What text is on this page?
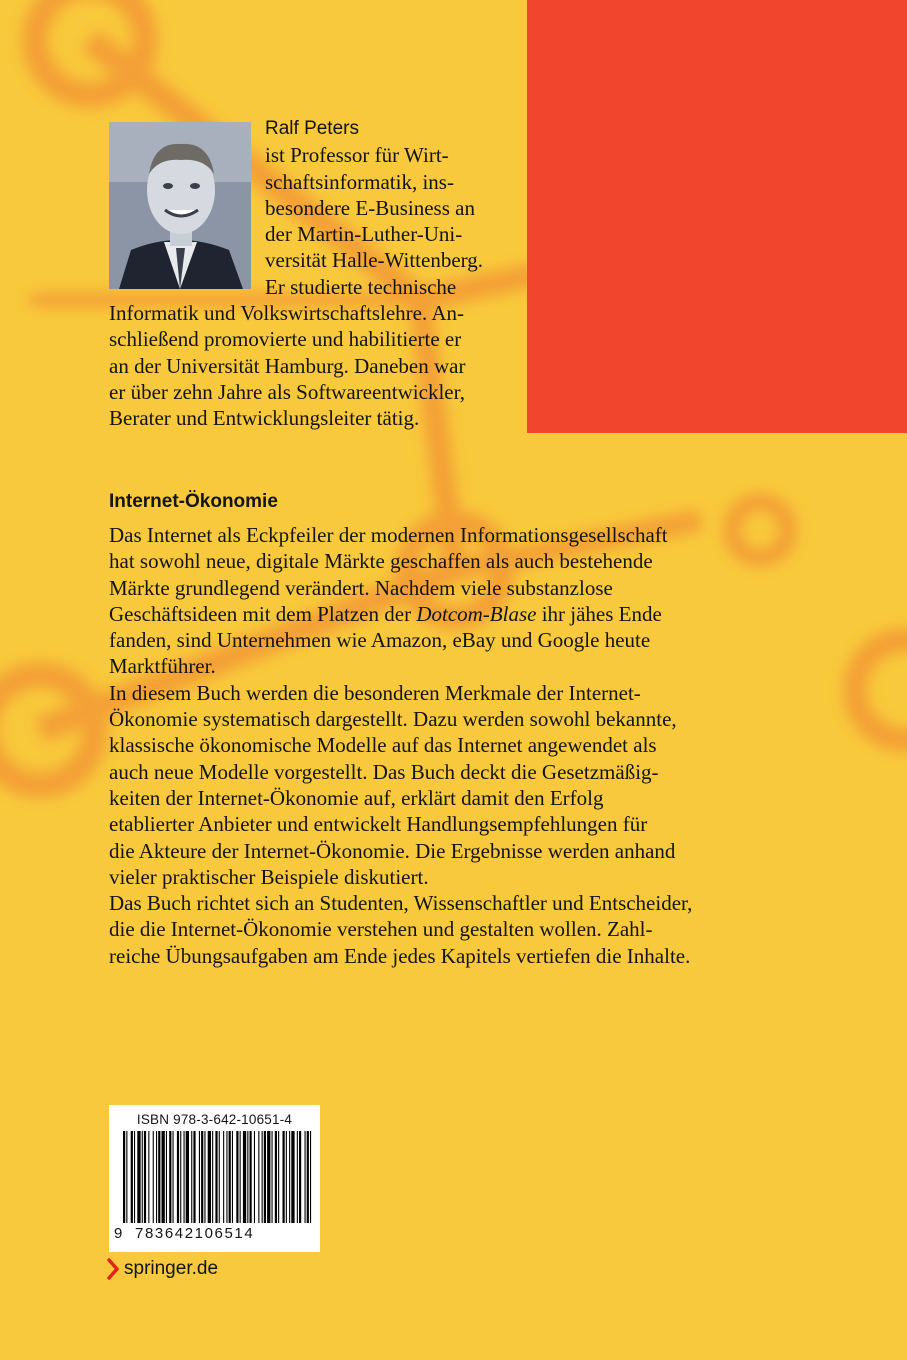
Ralf Peters
ist Professor für Wirt-
schaftsinformatik, ins-
besondere E-Business an
der Martin-Luther-Uni-
versität Halle-Wittenberg.
Er studierte technische
Informatik und Volkswirtschaftslehre. An-
schließend promovierte und habilitierte er
an der Universität Hamburg. Daneben war
er über zehn Jahre als Softwareentwickler,
Berater und Entwicklungsleiter tätig.
Internet-Ökonomie
Das Internet als Eckpfeiler der modernen Informationsgesellschaft
hat sowohl neue, digitale Märkte geschaffen als auch bestehende
Märkte grundlegend verändert. Nachdem viele substanzlose
Geschäftsideen mit dem Platzen der Dotcom-Blase ihr jähes Ende
fanden, sind Unternehmen wie Amazon, eBay und Google heute
Marktführer.
In diesem Buch werden die besonderen Merkmale der Internet-
Ökonomie systematisch dargestellt. Dazu werden sowohl bekannte,
klassische ökonomische Modelle auf das Internet angewendet als
auch neue Modelle vorgestellt. Das Buch deckt die Gesetzmäßig-
keiten der Internet-Ökonomie auf, erklärt damit den Erfolg
etablierter Anbieter und entwickelt Handlungsempfehlungen für
die Akteure der Internet-Ökonomie. Die Ergebnisse werden anhand
vieler praktischer Beispiele diskutiert.
Das Buch richtet sich an Studenten, Wissenschaftler und Entscheider,
die die Internet-Ökonomie verstehen und gestalten wollen. Zahl-
reiche Übungsaufgaben am Ende jedes Kapitels vertiefen die Inhalte.
ISBN 978-3-642-10651-4
9 783642106514
springer.de
